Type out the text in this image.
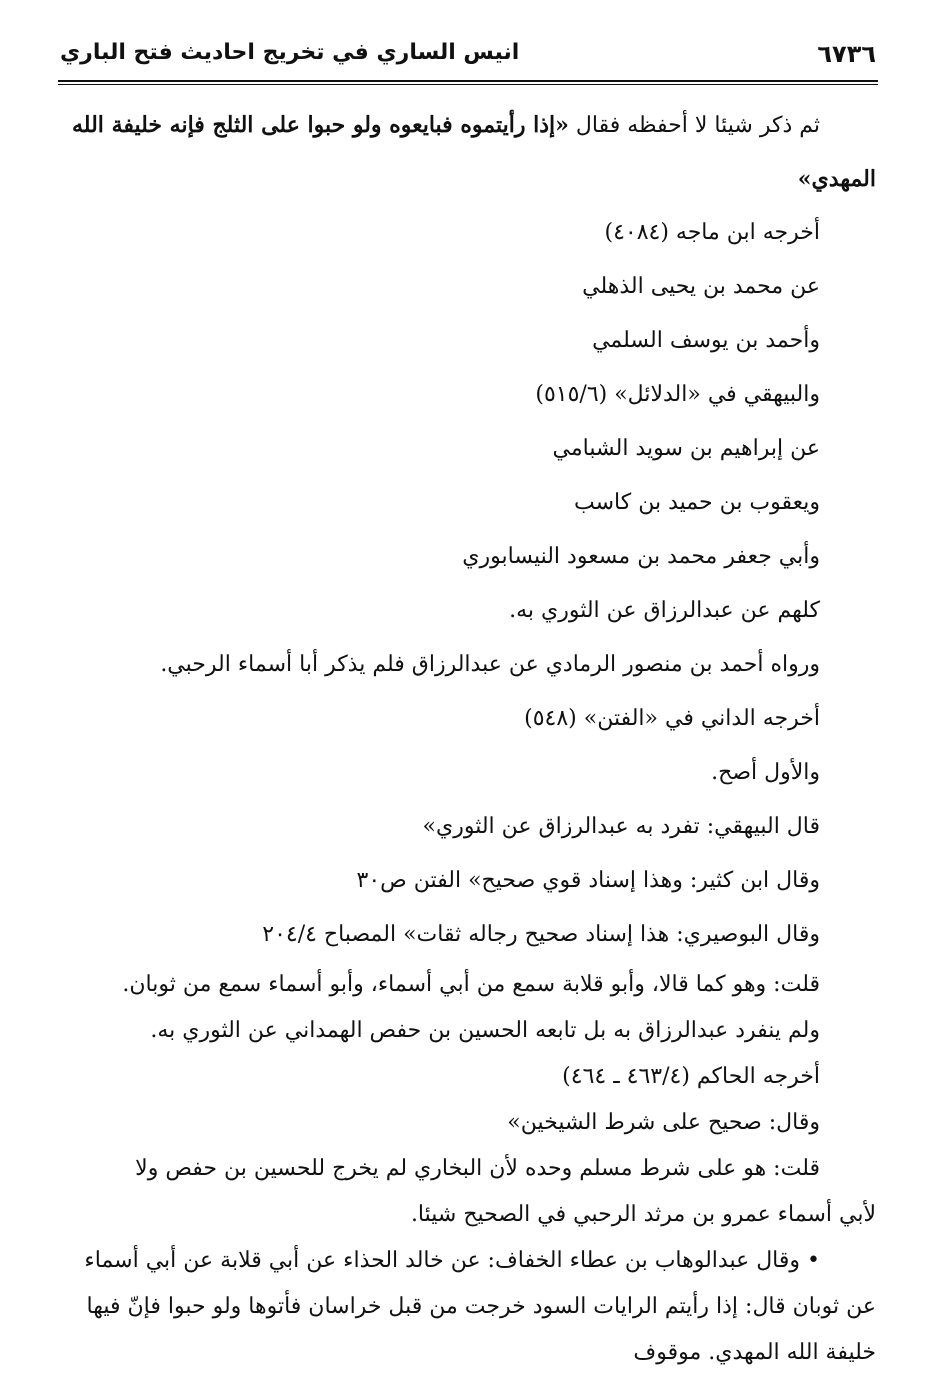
٦٧٣٦
انيس الساري في تخريج احاديث فتح الباري
ثم ذكر شيئا لا أحفظه فقال «إذا رأيتموه فبايعوه ولو حبوا على الثلج فإنه خليفة الله
المهدي»
أخرجه ابن ماجه (٤٠٨٤)
عن محمد بن يحيى الذهلي
وأحمد بن يوسف السلمي
والبيهقي في «الدلائل» (٥١٥/٦)
عن إبراهيم بن سويد الشبامي
ويعقوب بن حميد بن كاسب
وأبي جعفر محمد بن مسعود النيسابوري
كلهم عن عبدالرزاق عن الثوري به.
ورواه أحمد بن منصور الرمادي عن عبدالرزاق فلم يذكر أبا أسماء الرحبي.
أخرجه الداني في «الفتن» (٥٤٨)
والأول أصح.
قال البيهقي: تفرد به عبدالرزاق عن الثوري»
وقال ابن كثير: وهذا إسناد قوي صحيح» الفتن ص٣٠
وقال البوصيري: هذا إسناد صحيح رجاله ثقات» المصباح ٢٠٤/٤
قلت: وهو كما قالا، وأبو قلابة سمع من أبي أسماء، وأبو أسماء سمع من ثوبان.
ولم ينفرد عبدالرزاق به بل تابعه الحسين بن حفص الهمداني عن الثوري به.
أخرجه الحاكم (٤٦٣/٤ ـ ٤٦٤)
وقال: صحيح على شرط الشيخين»
قلت: هو على شرط مسلم وحده لأن البخاري لم يخرج للحسين بن حفص ولا
لأبي أسماء عمرو بن مرثد الرحبي في الصحيح شيئا.
• وقال عبدالوهاب بن عطاء الخفاف: عن خالد الحذاء عن أبي قلابة عن أبي أسماء
عن ثوبان قال: إذا رأيتم الرايات السود خرجت من قبل خراسان فأتوها ولو حبوا فإنّ فيها
خليفة الله المهدي. موقوف
